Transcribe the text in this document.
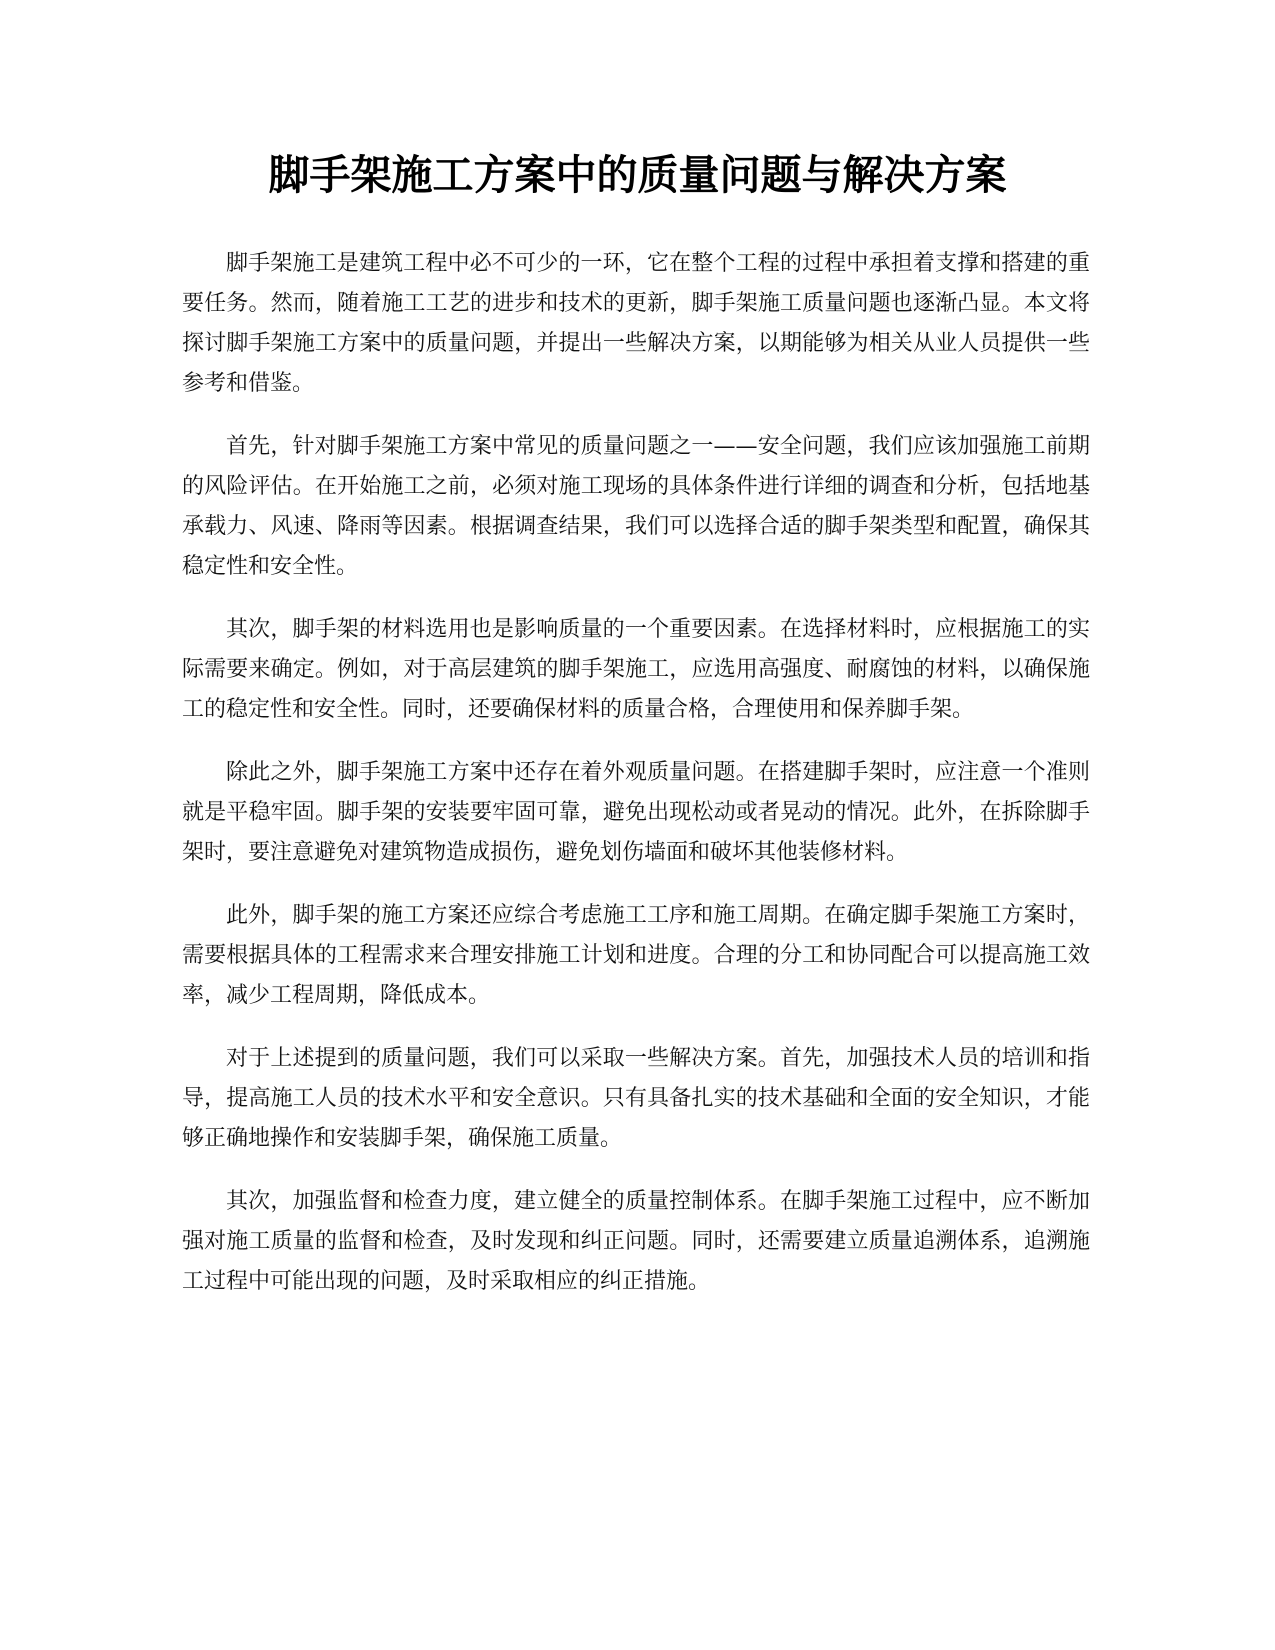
脚手架施工方案中的质量问题与解决方案

脚手架施工是建筑工程中必不可少的一环，它在整个工程的过程中承担着支撑和搭建的重要任务。然而，随着施工工艺的进步和技术的更新，脚手架施工质量问题也逐渐凸显。本文将探讨脚手架施工方案中的质量问题，并提出一些解决方案，以期能够为相关从业人员提供一些参考和借鉴。

首先，针对脚手架施工方案中常见的质量问题之一——安全问题，我们应该加强施工前期的风险评估。在开始施工之前，必须对施工现场的具体条件进行详细的调查和分析，包括地基承载力、风速、降雨等因素。根据调查结果，我们可以选择合适的脚手架类型和配置，确保其稳定性和安全性。

其次，脚手架的材料选用也是影响质量的一个重要因素。在选择材料时，应根据施工的实际需要来确定。例如，对于高层建筑的脚手架施工，应选用高强度、耐腐蚀的材料，以确保施工的稳定性和安全性。同时，还要确保材料的质量合格，合理使用和保养脚手架。

除此之外，脚手架施工方案中还存在着外观质量问题。在搭建脚手架时，应注意一个准则就是平稳牢固。脚手架的安装要牢固可靠，避免出现松动或者晃动的情况。此外，在拆除脚手架时，要注意避免对建筑物造成损伤，避免划伤墙面和破坏其他装修材料。

此外，脚手架的施工方案还应综合考虑施工工序和施工周期。在确定脚手架施工方案时，需要根据具体的工程需求来合理安排施工计划和进度。合理的分工和协同配合可以提高施工效率，减少工程周期，降低成本。

对于上述提到的质量问题，我们可以采取一些解决方案。首先，加强技术人员的培训和指导，提高施工人员的技术水平和安全意识。只有具备扎实的技术基础和全面的安全知识，才能够正确地操作和安装脚手架，确保施工质量。

其次，加强监督和检查力度，建立健全的质量控制体系。在脚手架施工过程中，应不断加强对施工质量的监督和检查，及时发现和纠正问题。同时，还需要建立质量追溯体系，追溯施工过程中可能出现的问题，及时采取相应的纠正措施。
